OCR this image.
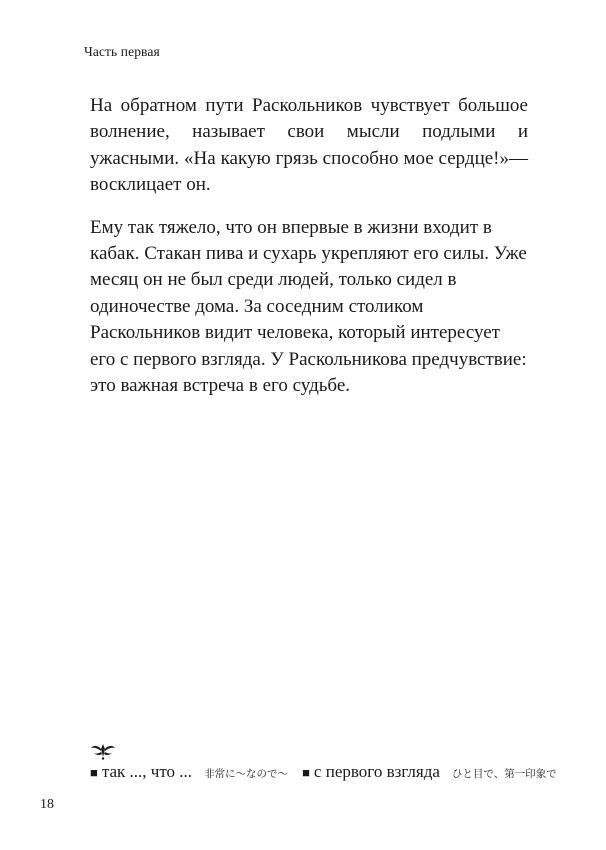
Часть первая

На обратном пути Раскольников чувствует большое волнение, называет свои мысли подлыми и ужасными. «На какую грязь способно мое сердце!»—восклицает он.

Ему так тяжело, что он впервые в жизни входит в кабак. Стакан пива и сухарь укрепляют его силы. Уже месяц он не был среди людей, только сидел в одиночестве дома. За соседним столиком Раскольников видит человека, который интересует его с первого взгляда. У Раскольникова предчувствие: это важная встреча в его судьбе.

■ так ..., что ... 非常に〜なので〜 ■ с первого взгляда ひと目で、第一印象で
18
